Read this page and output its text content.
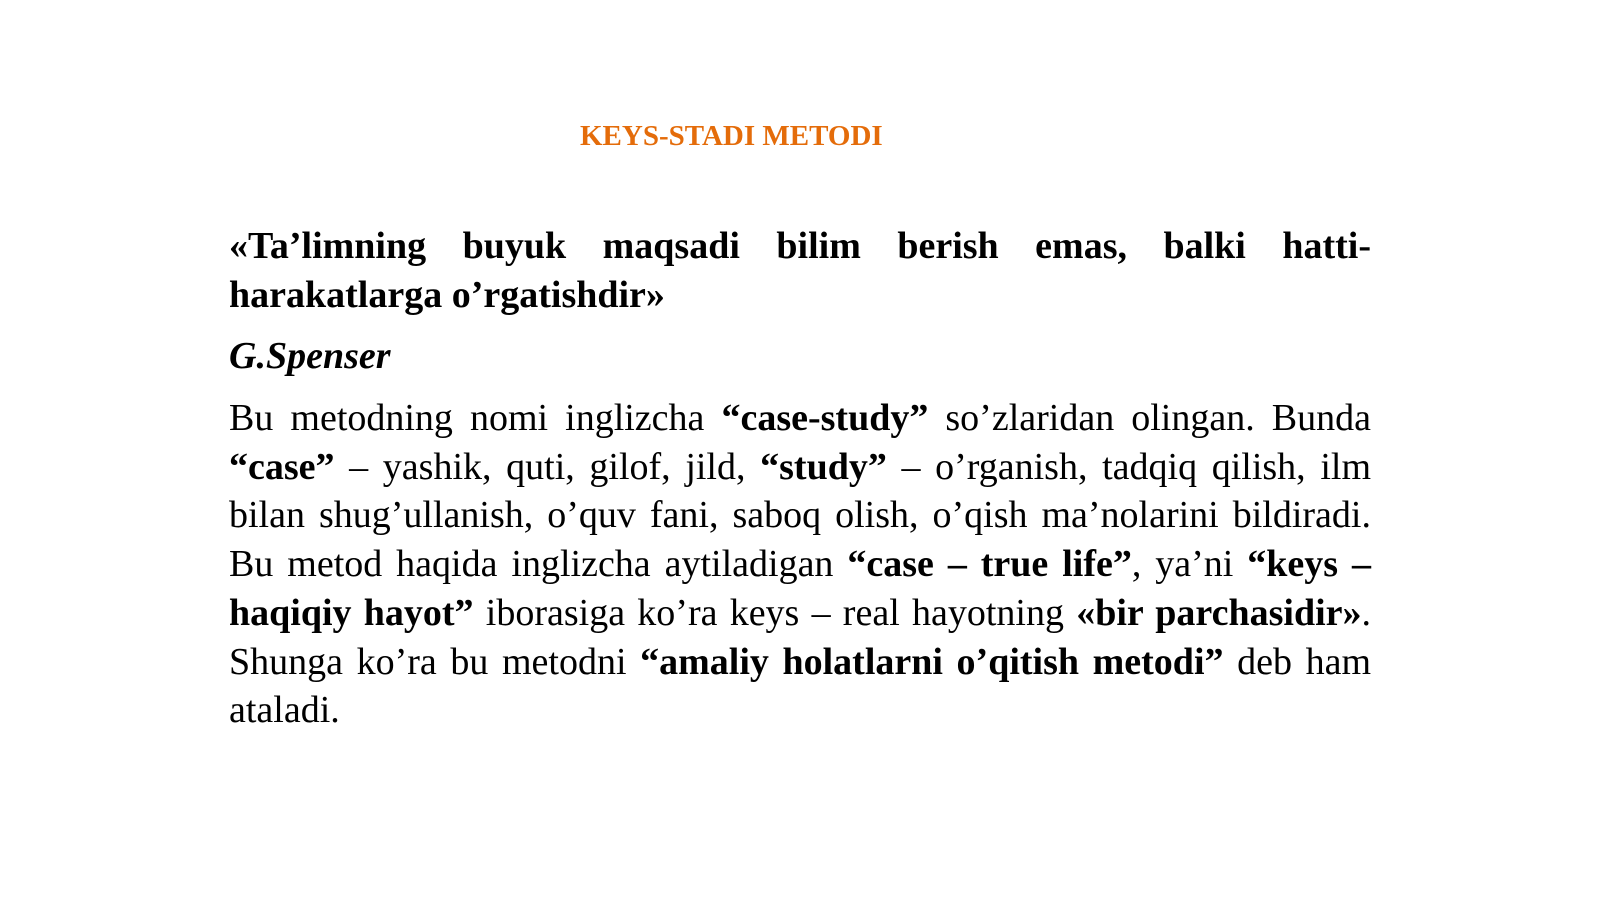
KEYS-STADI METODI

«Ta’limning buyuk maqsadi bilim berish emas, balki hatti-harakatlarga o’rgatishdir»

G.Spenser

Bu metodning nomi inglizcha “case-study” so’zlaridan olingan. Bunda “case” – yashik, quti, gilof, jild, “study” – o’rganish, tadqiq qilish, ilm bilan shug’ullanish, o’quv fani, saboq olish, o’qish ma’nolarini bildiradi. Bu metod haqida inglizcha aytiladigan “case – true life”, ya’ni “keys – haqiqiy hayot” iborasiga ko’ra keys – real hayotning «bir parchasidir». Shunga ko’ra bu metodni “amaliy holatlarni o’qitish metodi” deb ham ataladi.
